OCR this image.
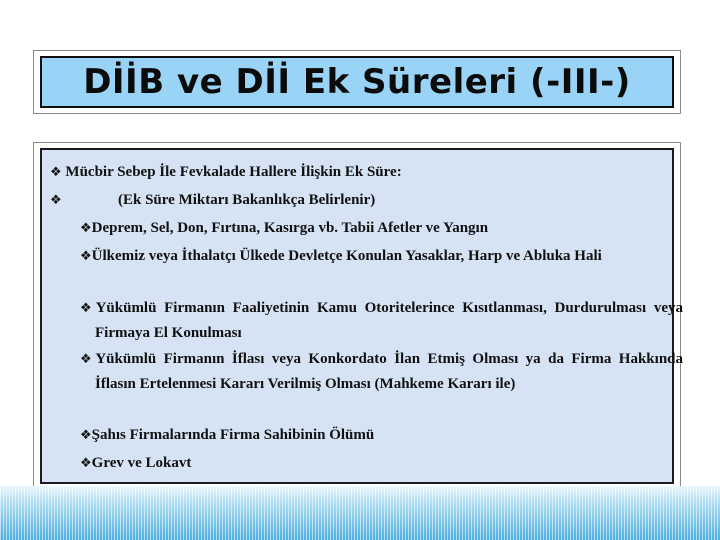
DİİB ve Dİİ Ek Süreleri (-III-)
❖ Mücbir Sebep İle Fevkalade Hallere İlişkin Ek Süre:
❖	(Ek Süre Miktarı Bakanlıkça Belirlenir)
❖Deprem, Sel, Don, Fırtına, Kasırga vb. Tabii Afetler ve Yangın
❖Ülkemiz veya İthalatçı Ülkede Devletçe Konulan Yasaklar, Harp ve Abluka Hali
❖Yükümlü Firmanın Faaliyetinin Kamu Otoritelerince Kısıtlanması, Durdurulması veya Firmaya El Konulması
❖Yükümlü Firmanın İflası veya Konkordato İlan Etmiş Olması ya da Firma Hakkında İflasın Ertelenmesi Kararı Verilmiş Olması (Mahkeme Kararı ile)
❖Şahıs Firmalarında Firma Sahibinin Ölümü
❖Grev ve Lokavt
